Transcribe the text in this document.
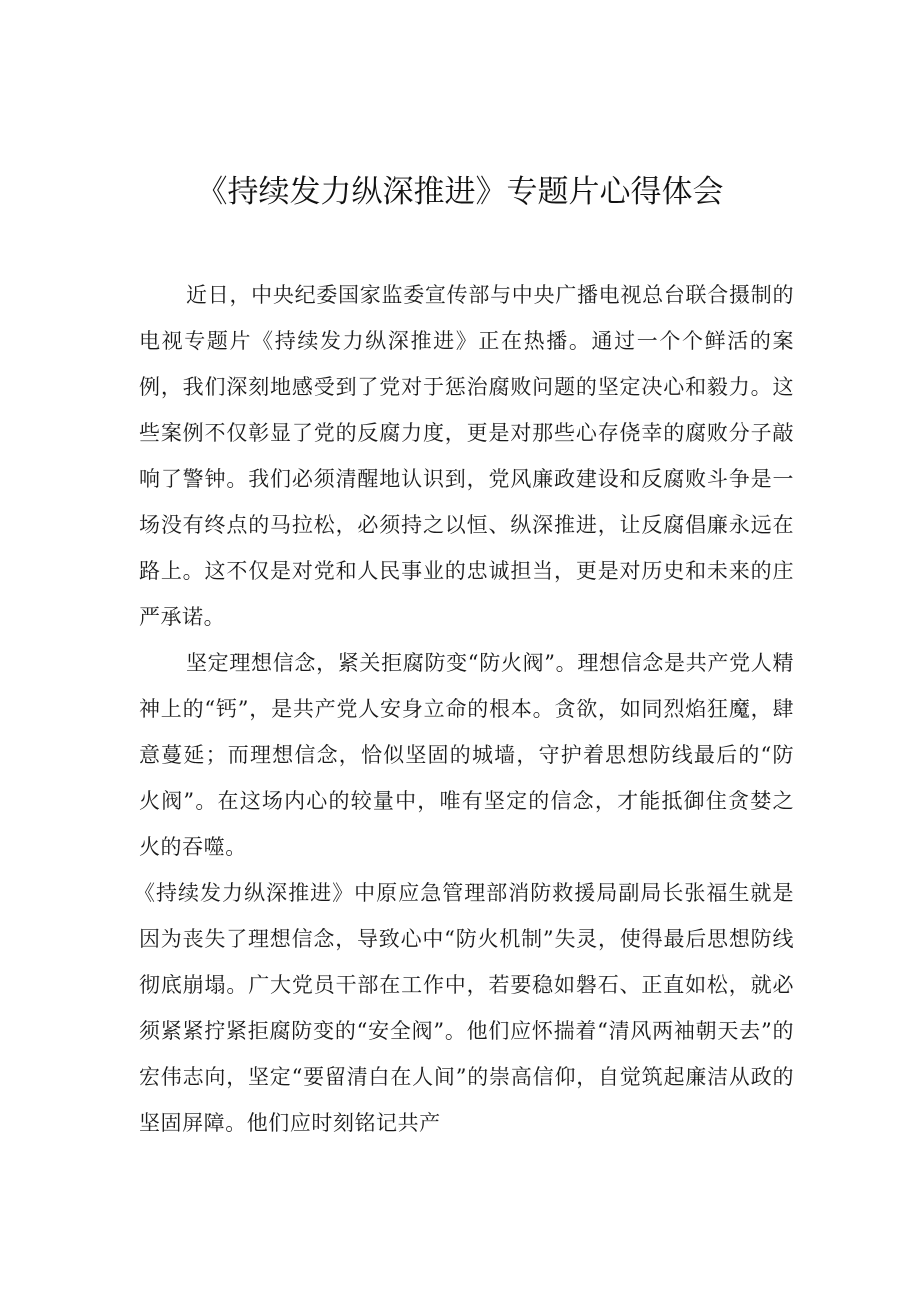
《持续发力纵深推进》专题片心得体会

近日，中央纪委国家监委宣传部与中央广播电视总台联合摄制的电视专题片《持续发力纵深推进》正在热播。通过一个个鲜活的案例，我们深刻地感受到了党对于惩治腐败问题的坚定决心和毅力。这些案例不仅彰显了党的反腐力度，更是对那些心存侥幸的腐败分子敲响了警钟。我们必须清醒地认识到，党风廉政建设和反腐败斗争是一场没有终点的马拉松，必须持之以恒、纵深推进，让反腐倡廉永远在路上。这不仅是对党和人民事业的忠诚担当，更是对历史和未来的庄严承诺。

坚定理想信念，紧关拒腐防变“防火阀”。理想信念是共产党人精神上的“钙”，是共产党人安身立命的根本。贪欲，如同烈焰狂魔，肆意蔓延；而理想信念，恰似坚固的城墙，守护着思想防线最后的“防火阀”。在这场内心的较量中，唯有坚定的信念，才能抵御住贪婪之火的吞噬。

《持续发力纵深推进》中原应急管理部消防救援局副局长张福生就是因为丧失了理想信念，导致心中“防火机制”失灵，使得最后思想防线彻底崩塌。广大党员干部在工作中，若要稳如磐石、正直如松，就必须紧紧拧紧拒腐防变的“安全阀”。他们应怀揣着“清风两袖朝天去”的宏伟志向，坚定“要留清白在人间”的崇高信仰，自觉筑起廉洁从政的坚固屏障。他们应时刻铭记共产
